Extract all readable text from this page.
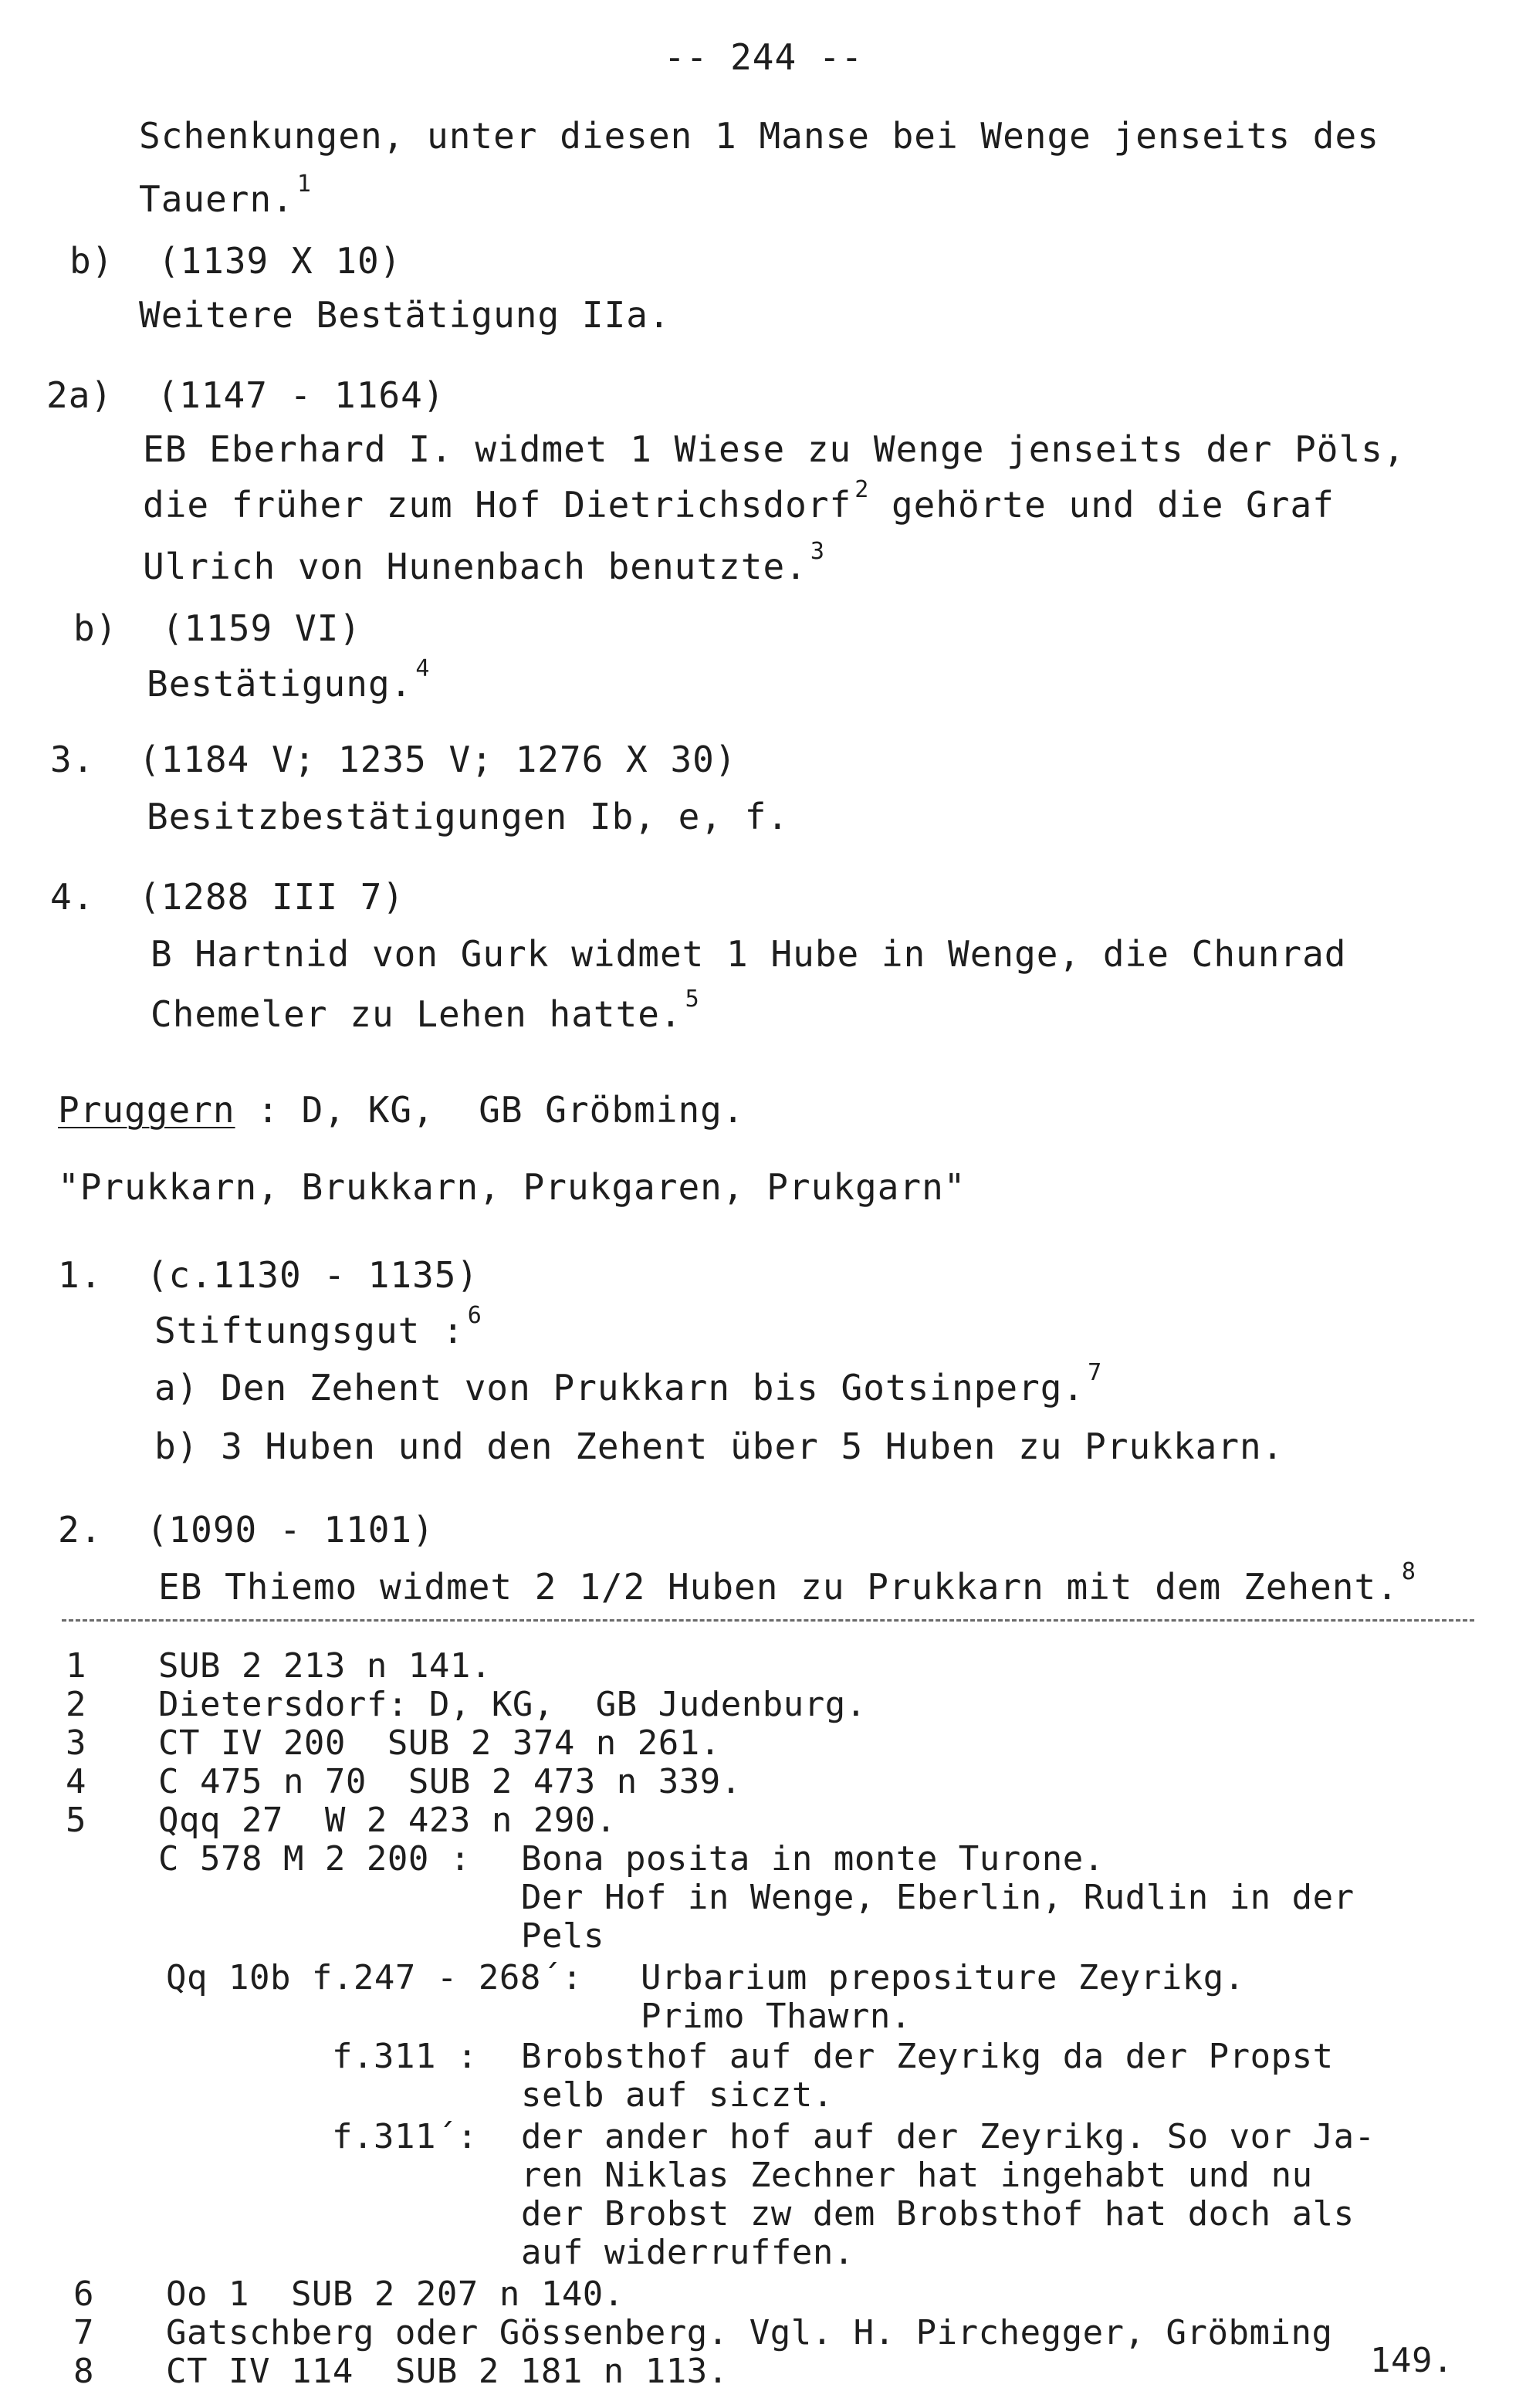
-- 244 --
Schenkungen, unter diesen 1 Manse bei Wenge jenseits des
Tauern. $^1$
b)  (1139 X 10)
Weitere Bestätigung IIa.
2a)  (1147 - 1164)
EB Eberhard I. widmet 1 Wiese zu Wenge jenseits der Pöls,
die früher zum Hof Dietrichsdorf $^2$ gehörte und die Graf
Ulrich von Hunenbach benutzte. $^3$
b)  (1159 VI)
Bestätigung. $^4$
3.  (1184 V; 1235 V; 1276 X 30)
Besitzbestätigungen Ib, e, f.
4.  (1288 III 7)
B Hartnid von Gurk widmet 1 Hube in Wenge, die Chunrad
Chemeler zu Lehen hatte. $^5$
Pruggern : D, KG,  GB Gröbming.
"Prukkarn, Brukkarn, Prukgaren, Prukgarn"
1.  (c.1130 - 1135)
Stiftungsgut : $^6$
a) Den Zehent von Prukkarn bis Gotsinperg. $^7$
b) 3 Huben und den Zehent über 5 Huben zu Prukkarn.
2.  (1090 - 1101)
EB Thiemo widmet 2 1/2 Huben zu Prukkarn mit dem Zehent. $^8$
1 SUB 2 213 n 141.
2 Dietersdorf: D, KG,  GB Judenburg.
3 CT IV 200  SUB 2 374 n 261.
4 C 475 n 70  SUB 2 473 n 339.
5 Qqq 27  W 2 423 n 290.
C 578 M 2 200 : Bona posita in monte Turone.
Der Hof in Wenge, Eberlin, Rudlin in der
Pels
Qq 10b f.247 - 268´: Urbarium prepositure Zeyrikg.
Primo Thawrn.
f.311 : Brobsthof auf der Zeyrikg da der Propst
selb auf siczt.
f.311´: der ander hof auf der Zeyrikg. So vor Ja-
ren Niklas Zechner hat ingehabt und nu
der Brobst zw dem Brobsthof hat doch als
auf widerruffen.
6 Oo 1  SUB 2 207 n 140.
7 Gatschberg oder Gössenberg. Vgl. H. Pirchegger, Gröbming
149.
8 CT IV 114  SUB 2 181 n 113.
